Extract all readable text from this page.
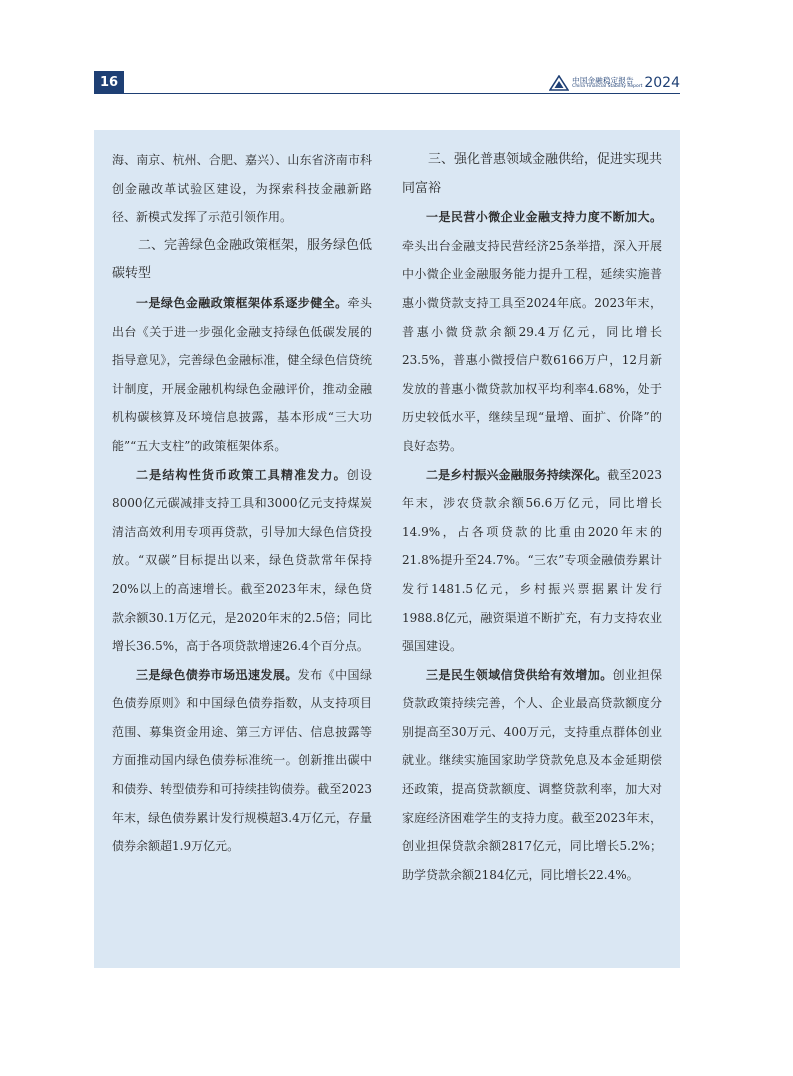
16	中国金融稳定报告
China Financial Stability Report 2024

海、南京、杭州、合肥、嘉兴）、山东省济南市科创金融改革试验区建设，为探索科技金融新路径、新模式发挥了示范引领作用。

二、完善绿色金融政策框架，服务绿色低碳转型

一是绿色金融政策框架体系逐步健全。牵头出台《关于进一步强化金融支持绿色低碳发展的指导意见》，完善绿色金融标准，健全绿色信贷统计制度，开展金融机构绿色金融评价，推动金融机构碳核算及环境信息披露，基本形成“三大功能”“五大支柱”的政策框架体系。

二是结构性货币政策工具精准发力。创设8000亿元碳减排支持工具和3000亿元支持煤炭清洁高效利用专项再贷款，引导加大绿色信贷投放。“双碳”目标提出以来，绿色贷款常年保持20%以上的高速增长。截至2023年末，绿色贷款余额30.1万亿元，是2020年末的2.5倍；同比增长36.5%，高于各项贷款增速26.4个百分点。

三是绿色债券市场迅速发展。发布《中国绿色债券原则》和中国绿色债券指数，从支持项目范围、募集资金用途、第三方评估、信息披露等方面推动国内绿色债券标准统一。创新推出碳中和债券、转型债券和可持续挂钩债券。截至2023年末，绿色债券累计发行规模超3.4万亿元，存量债券余额超1.9万亿元。

三、强化普惠领域金融供给，促进实现共同富裕

一是民营小微企业金融支持力度不断加大。牵头出台金融支持民营经济25条举措，深入开展中小微企业金融服务能力提升工程，延续实施普惠小微贷款支持工具至2024年底。2023年末，普惠小微贷款余额29.4万亿元，同比增长23.5%，普惠小微授信户数6166万户，12月新发放的普惠小微贷款加权平均利率4.68%，处于历史较低水平，继续呈现“量增、面扩、价降”的良好态势。

二是乡村振兴金融服务持续深化。截至2023年末，涉农贷款余额56.6万亿元，同比增长14.9%，占各项贷款的比重由2020年末的21.8%提升至24.7%。“三农”专项金融债券累计发行1481.5亿元，乡村振兴票据累计发行1988.8亿元，融资渠道不断扩充，有力支持农业强国建设。

三是民生领域信贷供给有效增加。创业担保贷款政策持续完善，个人、企业最高贷款额度分别提高至30万元、400万元，支持重点群体创业就业。继续实施国家助学贷款免息及本金延期偿还政策，提高贷款额度、调整贷款利率，加大对家庭经济困难学生的支持力度。截至2023年末，创业担保贷款余额2817亿元，同比增长5.2%；助学贷款余额2184亿元，同比增长22.4%。
